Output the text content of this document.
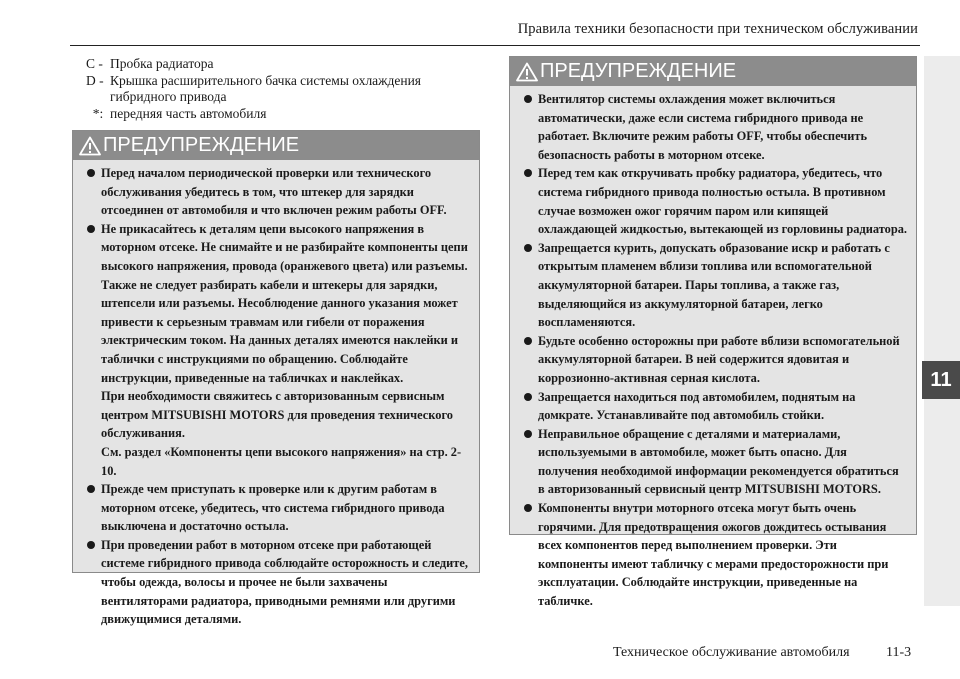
Правила техники безопасности при техническом обслуживании
11
C - Пробка радиатора
D - Крышка расширительного бачка системы охлаждения
гибридного привода
*: передняя часть автомобиля
ПРЕДУПРЕЖДЕНИЕ

Перед началом периодической проверки или технического обслуживания убедитесь в том, что штекер для зарядки отсоединен от автомобиля и что включен режим работы OFF.

Не прикасайтесь к деталям цепи высокого напряжения в моторном отсеке. Не снимайте и не разбирайте компоненты цепи высокого напряжения, провода (оранжевого цвета) или разъемы. Также не следует разбирать кабели и штекеры для зарядки, штепсели или разъемы. Несоблюдение данного указания может привести к серьезным травмам или гибели от поражения электрическим током. На данных деталях имеются наклейки и таблички с инструкциями по обращению. Соблюдайте инструкции, приведенные на табличках и наклейках.

При необходимости свяжитесь с авторизованным сервисным центром MITSUBISHI MOTORS для проведения технического обслуживания.

См. раздел «Компоненты цепи высокого напряжения» на стр. 2-10.

Прежде чем приступать к проверке или к другим работам в моторном отсеке, убедитесь, что система гибридного привода выключена и достаточно остыла.

При проведении работ в моторном отсеке при работающей системе гибридного привода соблюдайте осторожность и следите, чтобы одежда, волосы и прочее не были захвачены вентиляторами радиатора, приводными ремнями или другими движущимися деталями.

ПРЕДУПРЕЖДЕНИЕ

Вентилятор системы охлаждения может включиться автоматически, даже если система гибридного привода не работает. Включите режим работы OFF, чтобы обеспечить безопасность работы в моторном отсеке.

Перед тем как откручивать пробку радиатора, убедитесь, что система гибридного привода полностью остыла. В противном случае возможен ожог горячим паром или кипящей охлаждающей жидкостью, вытекающей из горловины радиатора.

Запрещается курить, допускать образование искр и работать с открытым пламенем вблизи топлива или вспомогательной аккумуляторной батареи. Пары топлива, а также газ, выделяющийся из аккумуляторной батареи, легко воспламеняются.

Будьте особенно осторожны при работе вблизи вспомогательной аккумуляторной батареи. В ней содержится ядовитая и коррозионно-активная серная кислота.

Запрещается находиться под автомобилем, поднятым на домкрате. Устанавливайте под автомобиль стойки.

Неправильное обращение с деталями и материалами, используемыми в автомобиле, может быть опасно. Для получения необходимой информации рекомендуется обратиться в авторизованный сервисный центр MITSUBISHI MOTORS.

Компоненты внутри моторного отсека могут быть очень горячими. Для предотвращения ожогов дождитесь остывания всех компонентов перед выполнением проверки. Эти компоненты имеют табличку с мерами предосторожности при эксплуатации. Соблюдайте инструкции, приведенные на табличке.

Техническое обслуживание автомобиля	11-3
